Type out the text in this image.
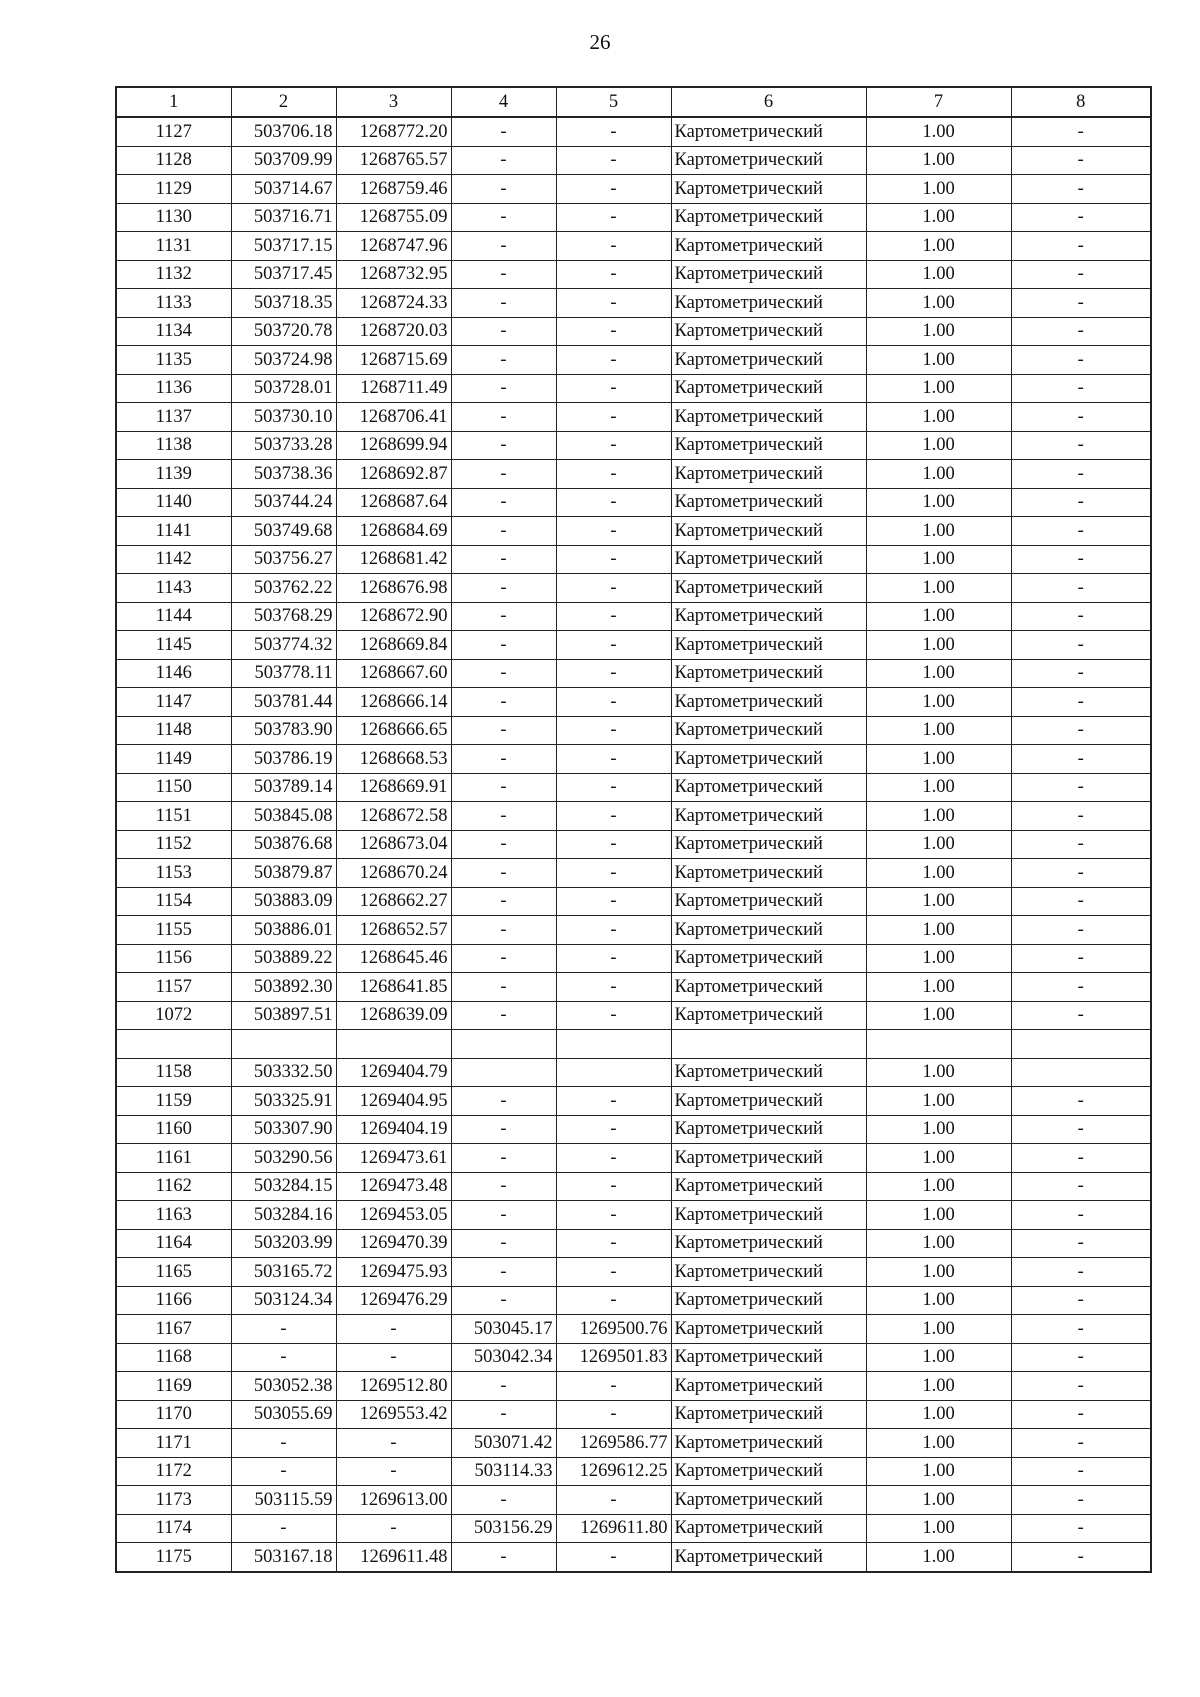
26
1	2	3	4	5	6	7	8
1127	503706.18	1268772.20	-	-	Картометрический	1.00	-
1128	503709.99	1268765.57	-	-	Картометрический	1.00	-
1129	503714.67	1268759.46	-	-	Картометрический	1.00	-
1130	503716.71	1268755.09	-	-	Картометрический	1.00	-
1131	503717.15	1268747.96	-	-	Картометрический	1.00	-
1132	503717.45	1268732.95	-	-	Картометрический	1.00	-
1133	503718.35	1268724.33	-	-	Картометрический	1.00	-
1134	503720.78	1268720.03	-	-	Картометрический	1.00	-
1135	503724.98	1268715.69	-	-	Картометрический	1.00	-
1136	503728.01	1268711.49	-	-	Картометрический	1.00	-
1137	503730.10	1268706.41	-	-	Картометрический	1.00	-
1138	503733.28	1268699.94	-	-	Картометрический	1.00	-
1139	503738.36	1268692.87	-	-	Картометрический	1.00	-
1140	503744.24	1268687.64	-	-	Картометрический	1.00	-
1141	503749.68	1268684.69	-	-	Картометрический	1.00	-
1142	503756.27	1268681.42	-	-	Картометрический	1.00	-
1143	503762.22	1268676.98	-	-	Картометрический	1.00	-
1144	503768.29	1268672.90	-	-	Картометрический	1.00	-
1145	503774.32	1268669.84	-	-	Картометрический	1.00	-
1146	503778.11	1268667.60	-	-	Картометрический	1.00	-
1147	503781.44	1268666.14	-	-	Картометрический	1.00	-
1148	503783.90	1268666.65	-	-	Картометрический	1.00	-
1149	503786.19	1268668.53	-	-	Картометрический	1.00	-
1150	503789.14	1268669.91	-	-	Картометрический	1.00	-
1151	503845.08	1268672.58	-	-	Картометрический	1.00	-
1152	503876.68	1268673.04	-	-	Картометрический	1.00	-
1153	503879.87	1268670.24	-	-	Картометрический	1.00	-
1154	503883.09	1268662.27	-	-	Картометрический	1.00	-
1155	503886.01	1268652.57	-	-	Картометрический	1.00	-
1156	503889.22	1268645.46	-	-	Картометрический	1.00	-
1157	503892.30	1268641.85	-	-	Картометрический	1.00	-
1072	503897.51	1268639.09	-	-	Картометрический	1.00	-

1158	503332.50	1269404.79			Картометрический	1.00	
1159	503325.91	1269404.95	-	-	Картометрический	1.00	-
1160	503307.90	1269404.19	-	-	Картометрический	1.00	-
1161	503290.56	1269473.61	-	-	Картометрический	1.00	-
1162	503284.15	1269473.48	-	-	Картометрический	1.00	-
1163	503284.16	1269453.05	-	-	Картометрический	1.00	-
1164	503203.99	1269470.39	-	-	Картометрический	1.00	-
1165	503165.72	1269475.93	-	-	Картометрический	1.00	-
1166	503124.34	1269476.29	-	-	Картометрический	1.00	-
1167	-	-	503045.17	1269500.76	Картометрический	1.00	-
1168	-	-	503042.34	1269501.83	Картометрический	1.00	-
1169	503052.38	1269512.80	-	-	Картометрический	1.00	-
1170	503055.69	1269553.42	-	-	Картометрический	1.00	-
1171	-	-	503071.42	1269586.77	Картометрический	1.00	-
1172	-	-	503114.33	1269612.25	Картометрический	1.00	-
1173	503115.59	1269613.00	-	-	Картометрический	1.00	-
1174	-	-	503156.29	1269611.80	Картометрический	1.00	-
1175	503167.18	1269611.48	-	-	Картометрический	1.00	-
